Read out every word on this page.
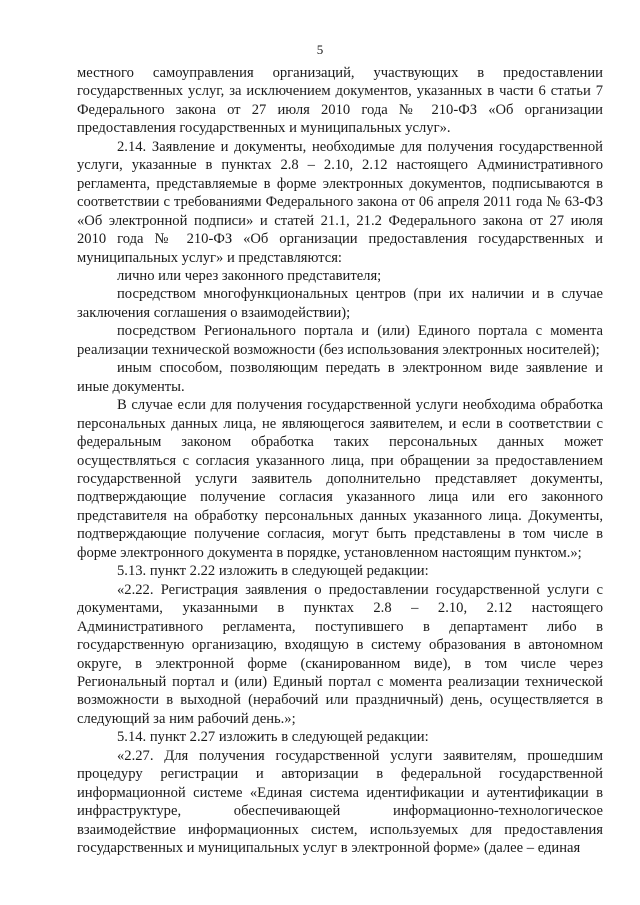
5

местного самоуправления организаций, участвующих в предоставлении государственных услуг, за исключением документов, указанных в части 6 статьи 7 Федерального закона от 27 июля 2010 года № 210-ФЗ «Об организации предоставления государственных и муниципальных услуг».

2.14. Заявление и документы, необходимые для получения государственной услуги, указанные в пунктах 2.8 – 2.10, 2.12 настоящего Административного регламента, представляемые в форме электронных документов, подписываются в соответствии с требованиями Федерального закона от 06 апреля 2011 года № 63-ФЗ «Об электронной подписи» и статей 21.1, 21.2 Федерального закона от 27 июля 2010 года № 210-ФЗ «Об организации предоставления государственных и муниципальных услуг» и представляются:

лично или через законного представителя;

посредством многофункциональных центров (при их наличии и в случае заключения соглашения о взаимодействии);

посредством Регионального портала и (или) Единого портала с момента реализации технической возможности (без использования электронных носителей);

иным способом, позволяющим передать в электронном виде заявление и иные документы.

В случае если для получения государственной услуги необходима обработка персональных данных лица, не являющегося заявителем, и если в соответствии с федеральным законом обработка таких персональных данных может осуществляться с согласия указанного лица, при обращении за предоставлением государственной услуги заявитель дополнительно представляет документы, подтверждающие получение согласия указанного лица или его законного представителя на обработку персональных данных указанного лица. Документы, подтверждающие получение согласия, могут быть представлены в том числе в форме электронного документа в порядке, установленном настоящим пунктом.»;

5.13. пункт 2.22 изложить в следующей редакции:

«2.22. Регистрация заявления о предоставлении государственной услуги с документами, указанными в пунктах 2.8 – 2.10, 2.12 настоящего Административного регламента, поступившего в департамент либо в государственную организацию, входящую в систему образования в автономном округе, в электронной форме (сканированном виде), в том числе через Региональный портал и (или) Единый портал с момента реализации технической возможности в выходной (нерабочий или праздничный) день, осуществляется в следующий за ним рабочий день.»;

5.14. пункт 2.27 изложить в следующей редакции:

«2.27. Для получения государственной услуги заявителям, прошедшим процедуру регистрации и авторизации в федеральной государственной информационной системе «Единая система идентификации и аутентификации в инфраструктуре, обеспечивающей информационно-технологическое взаимодействие информационных систем, используемых для предоставления государственных и муниципальных услуг в электронной форме» (далее – единая
